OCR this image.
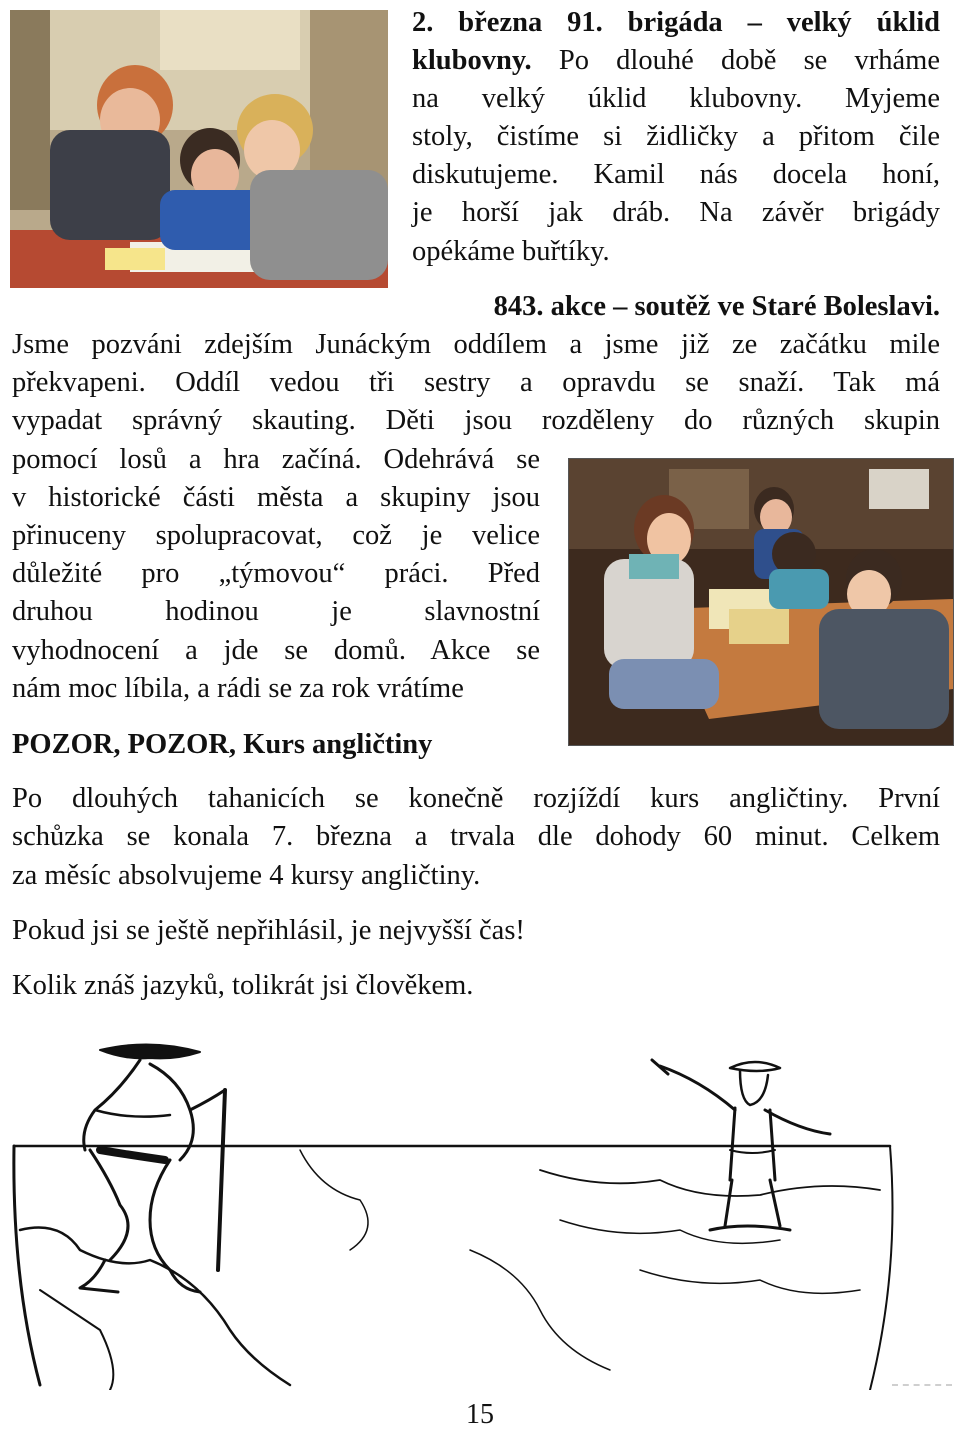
2. března 91. brigáda – velký úklid
klubovny. Po dlouhé době se vrháme
na velký úklid klubovny. Myjeme
stoly, čistíme si židličky a přitom čile
diskutujeme. Kamil nás docela honí,
je horší jak dráb. Na závěr brigády
opékáme buřtíky.
843. akce – soutěž ve Staré Boleslavi.
Jsme pozváni zdejším Junáckým oddílem a jsme již ze začátku mile
překvapeni. Oddíl vedou tři sestry a opravdu se snaží. Tak má
vypadat správný skauting. Děti jsou rozděleny do různých skupin
pomocí losů a hra začíná. Odehrává se
v historické části města a skupiny jsou
přinuceny spolupracovat, což je velice
důležité pro „týmovou“ práci. Před
druhou hodinou je slavnostní
vyhodnocení a jde se domů. Akce se
nám moc líbila, a rádi se za rok vrátíme
POZOR, POZOR, Kurs angličtiny
Po dlouhých tahanicích se konečně rozjíždí kurs angličtiny. První
schůzka se konala 7. března a trvala dle dohody 60 minut. Celkem
za měsíc absolvujeme 4 kursy angličtiny.
Pokud jsi se ještě nepřihlásil, je nejvyšší čas!
Kolik znáš jazyků, tolikrát jsi člověkem.
15
